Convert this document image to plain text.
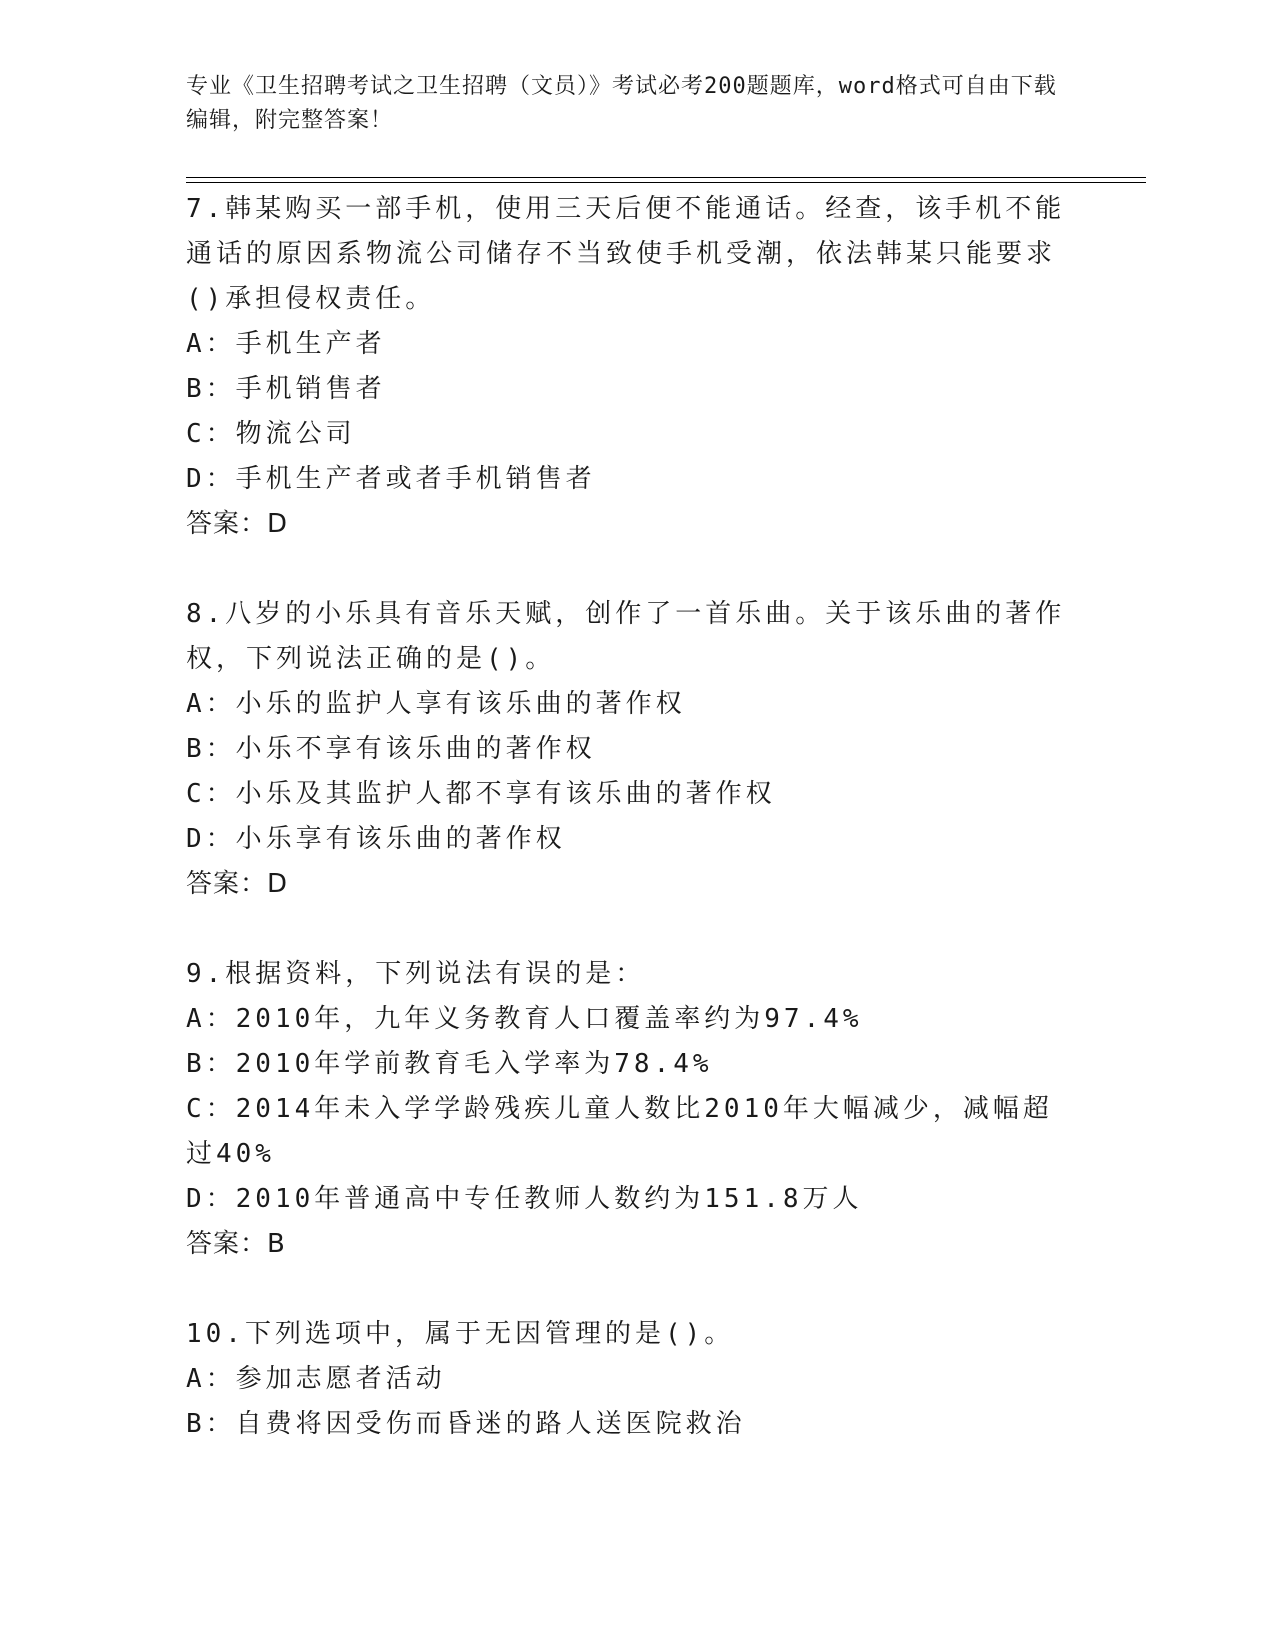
专业《卫生招聘考试之卫生招聘（文员）》考试必考200题题库，word格式可自由下载编辑，附完整答案！
7.韩某购买一部手机，使用三天后便不能通话。经查，该手机不能通话的原因系物流公司储存不当致使手机受潮，依法韩某只能要求()承担侵权责任。
A：手机生产者
B：手机销售者
C：物流公司
D：手机生产者或者手机销售者
答案：D
8.八岁的小乐具有音乐天赋，创作了一首乐曲。关于该乐曲的著作权，下列说法正确的是()。
A：小乐的监护人享有该乐曲的著作权
B：小乐不享有该乐曲的著作权
C：小乐及其监护人都不享有该乐曲的著作权
D：小乐享有该乐曲的著作权
答案：D
9.根据资料，下列说法有误的是：
A：2010年，九年义务教育人口覆盖率约为97.4%
B：2010年学前教育毛入学率为78.4%
C：2014年未入学学龄残疾儿童人数比2010年大幅减少，减幅超过40%
D：2010年普通高中专任教师人数约为151.8万人
答案：B
10.下列选项中，属于无因管理的是()。
A：参加志愿者活动
B：自费将因受伤而昏迷的路人送医院救治
